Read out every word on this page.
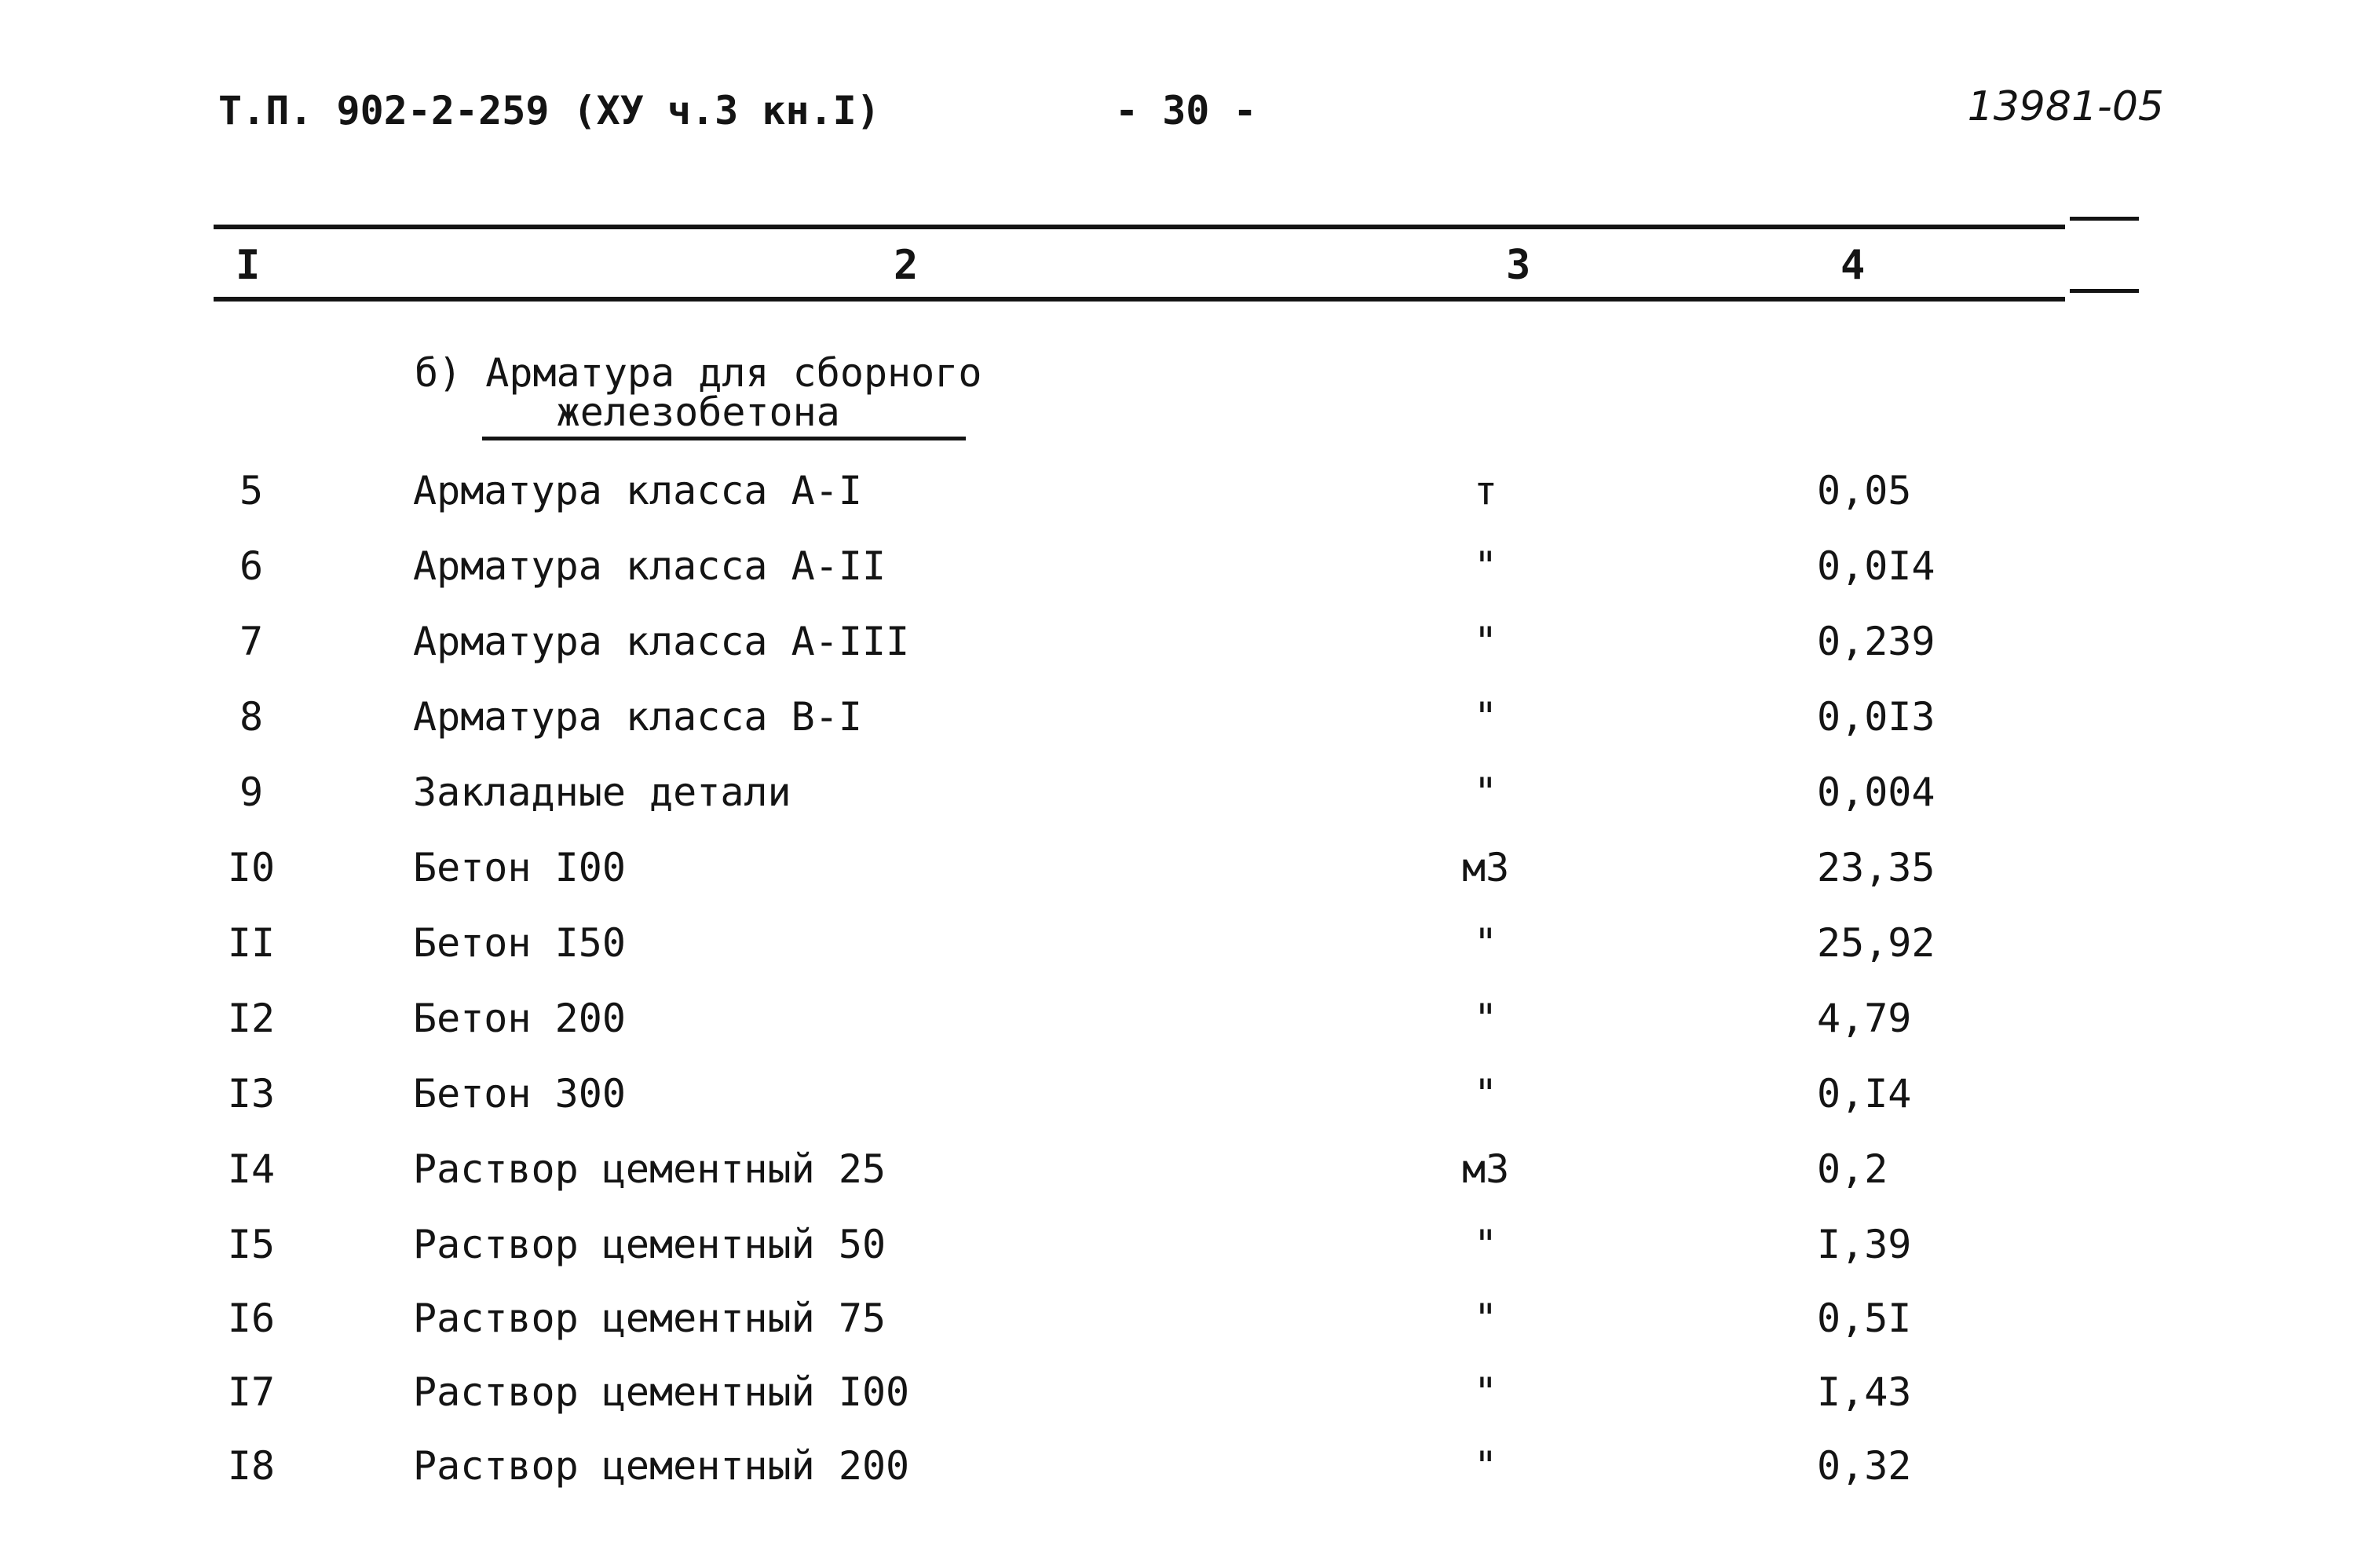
Т.П. 902-2-259 (ХУ ч.3 кн.I)	- 30 -	13981-05
I	2	3	4
б) Арматура для сборного
железобетона
5	Арматура класса А-I	т	0,05
6	Арматура класса А-II	"	0,0I4
7	Арматура класса А-III	"	0,239
8	Арматура класса В-I	"	0,0I3
9	Закладные детали	"	0,004
I0	Бетон I00	м3	23,35
II	Бетон I50	"	25,92
I2	Бетон 200	"	4,79
I3	Бетон 300	"	0,I4
I4	Раствор цементный 25	м3	0,2
I5	Раствор цементный 50	"	I,39
I6	Раствор цементный 75	"	0,5I
I7	Раствор цементный I00	"	I,43
I8	Раствор цементный 200	"	0,32
